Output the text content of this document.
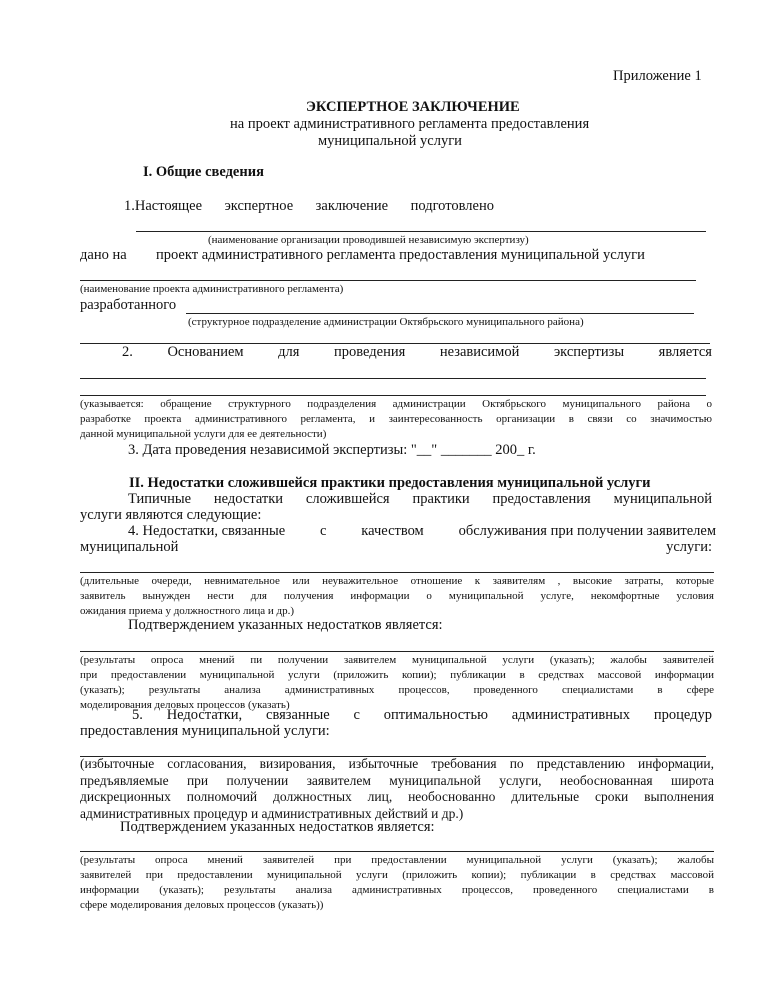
Приложение 1

ЭКСПЕРТНОЕ ЗАКЛЮЧЕНИЕ

на проект административного регламента предоставления

муниципальной услуги

I. Общие сведения

1.Настоящее экспертное заключение подготовлено

(наименование организации проводившей независимую экспертизу)

дано на проект административного регламента предоставления муниципальной услуги

(наименование проекта административного регламента)

разработанного

(структурное подразделение администрации Октябрьского муниципального района)

2. Основанием для проведения независимой экспертизы является
(указывается: обращение структурного подразделения администрации Октябрьского муниципального района о
разработке проекта административного регламента, и заинтересованность организации в связи со значимостью
данной муниципальной услуги для ее деятельности)

3. Дата проведения независимой экспертизы: "__" _______ 200_ г.

II. Недостатки сложившейся практики предоставления муниципальной услуги

Типичные недостатки сложившейся практики предоставления муниципальной

услуги являются следующие:

4. Недостатки, связанные с качеством обслуживания при получении заявителем
муниципальной	услуги:
(длительные очереди, невнимательное или неуважительное отношение к заявителям , высокие затраты, которые
заявитель вынужден нести для получения информации о муниципальной услуге, некомфортные условия
ожидания приема у должностного лица и др.)

Подтверждением указанных недостатков является:

(результаты опроса мнений пи получении заявителем муниципальной услуги (указать); жалобы заявителей
при предоставлении муниципальной услуги (приложить копии); публикации в средствах массовой информации
(указать); результаты анализа административных процессов, проведенного специалистами в сфере
моделирования деловых процессов (указать)
5. Недостатки, связанные с оптимальностью административных процедур

предоставления муниципальной услуги:

(избыточные согласования, визирования, избыточные требования по представлению информации,
предъявляемые при получении заявителем муниципальной услуги, необоснованная широта
дискреционных полномочий должностных лиц, необоснованно длительные сроки выполнения
административных процедур и административных действий и др.)

Подтверждением указанных недостатков является:

(результаты опроса мнений заявителей при предоставлении муниципальной услуги (указать); жалобы
заявителей при предоставлении муниципальной услуги (приложить копии); публикации в средствах массовой
информации (указать); результаты анализа административных процессов, проведенного специалистами в
сфере моделирования деловых процессов (указать))
